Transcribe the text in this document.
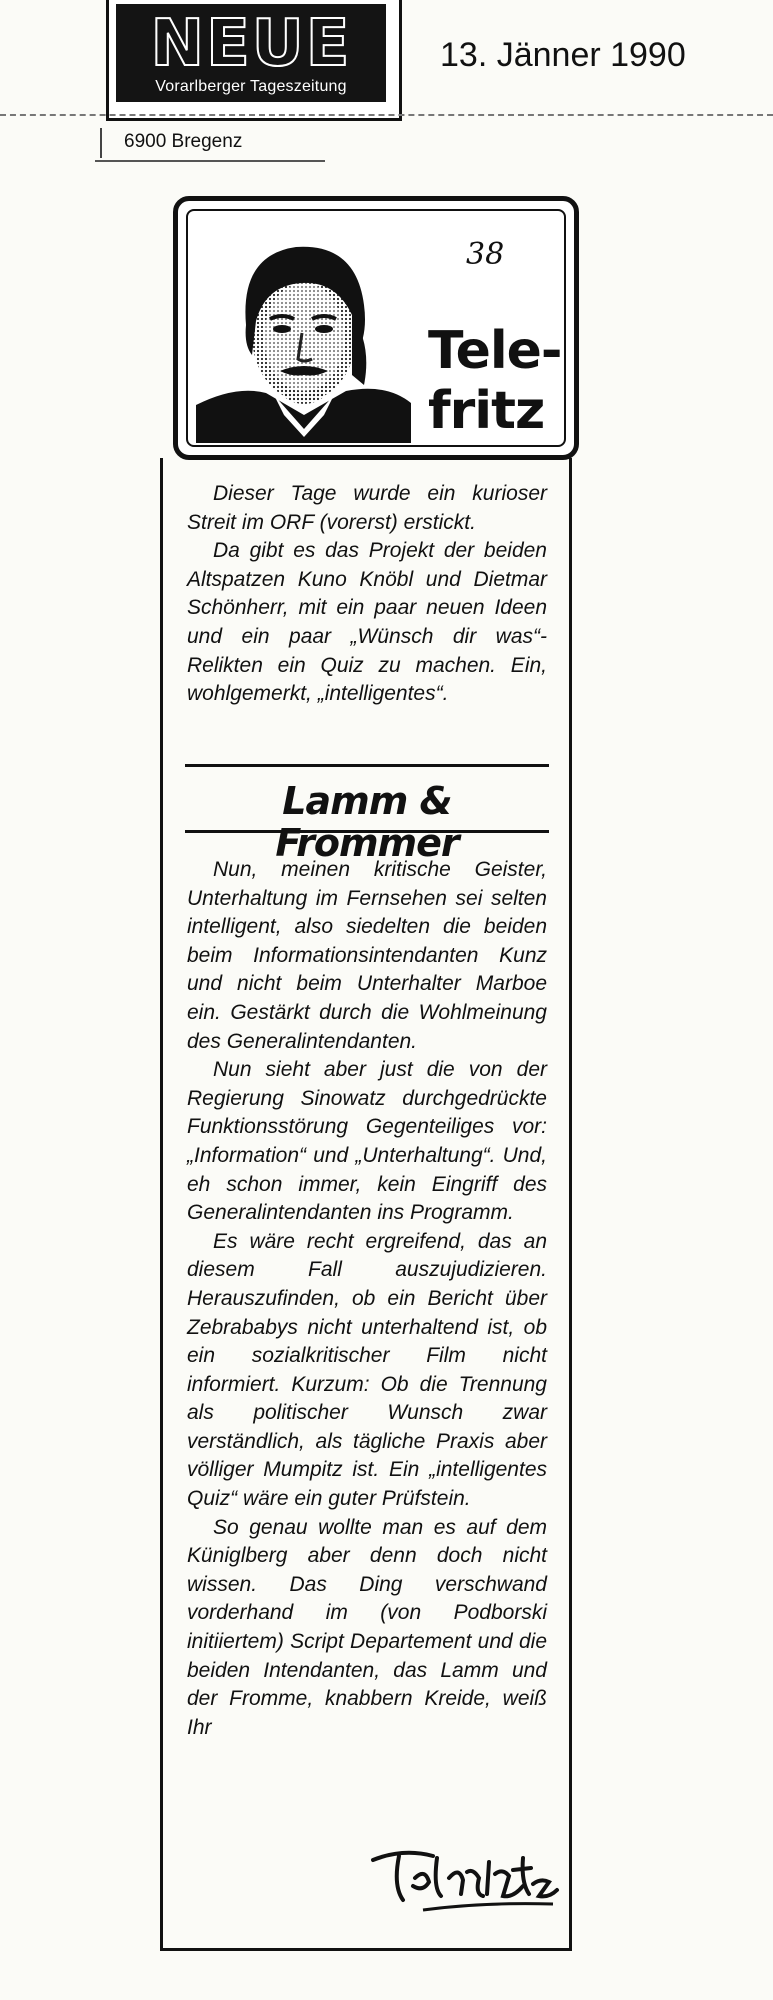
NEUE
Vorarlberger Tageszeitung
13. Jänner 1990
6900 Bregenz
38
Tele-
fritz

Dieser Tage wurde ein kurioser Streit im ORF (vorerst) erstickt.

Da gibt es das Projekt der beiden Altspatzen Kuno Knöbl und Dietmar Schönherr, mit ein paar neuen Ideen und ein paar „Wünsch dir was“-Relikten ein Quiz zu machen. Ein, wohlgemerkt, „intelligentes“.

Lamm & Frommer

Nun, meinen kritische Geister, Unterhaltung im Fernsehen sei selten intelligent, also siedelten die beiden beim Informationsintendanten Kunz und nicht beim Unterhalter Marboe ein. Gestärkt durch die Wohlmeinung des Generalintendanten.

Nun sieht aber just die von der Regierung Sinowatz durchgedrückte Funktionsstörung Gegenteiliges vor: „Information“ und „Unterhaltung“. Und, eh schon immer, kein Eingriff des Generalintendanten ins Programm.

Es wäre recht ergreifend, das an diesem Fall auszujudizieren. Herauszufinden, ob ein Bericht über Zebrababys nicht unterhaltend ist, ob ein sozialkritischer Film nicht informiert. Kurzum: Ob die Trennung als politischer Wunsch zwar verständlich, als tägliche Praxis aber völliger Mumpitz ist. Ein „intelligentes Quiz“ wäre ein guter Prüfstein.

So genau wollte man es auf dem Küniglberg aber denn doch nicht wissen. Das Ding verschwand vorderhand im (von Podborski initiiertem) Script Departement und die beiden Intendanten, das Lamm und der Fromme, knabbern Kreide, weiß Ihr
